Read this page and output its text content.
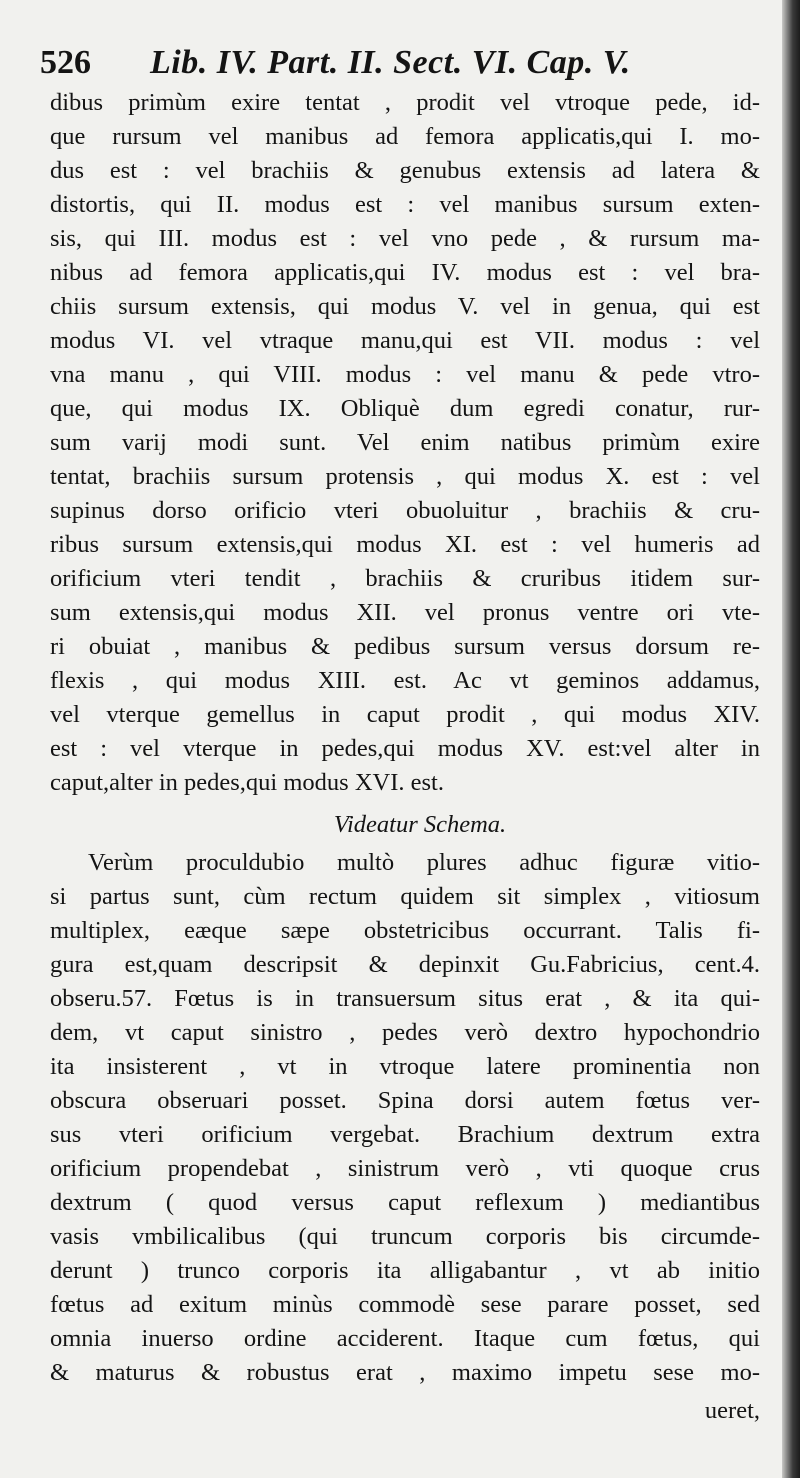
526 Lib. IV. Part. II. Sect. VI. Cap. V.
dibus primùm exire tentat , prodit vel vtroque pede, id-
que rursum vel manibus ad femora applicatis,qui I. mo-
dus est : vel brachiis & genubus extensis ad latera &
distortis, qui II. modus est : vel manibus sursum exten-
sis, qui III. modus est : vel vno pede , & rursum ma-
nibus ad femora applicatis,qui IV. modus est : vel bra-
chiis sursum extensis, qui modus V. vel in genua, qui est
modus VI. vel vtraque manu,qui est VII. modus : vel
vna manu , qui VIII. modus : vel manu & pede vtro-
que, qui modus IX. Obliquè dum egredi conatur, rur-
sum varij modi sunt. Vel enim natibus primùm exire
tentat, brachiis sursum protensis , qui modus X. est : vel
supinus dorso orificio vteri obuoluitur , brachiis & cru-
ribus sursum extensis,qui modus XI. est : vel humeris ad
orificium vteri tendit , brachiis & cruribus itidem sur-
sum extensis,qui modus XII. vel pronus ventre ori vte-
ri obuiat , manibus & pedibus sursum versus dorsum re-
flexis , qui modus XIII. est. Ac vt geminos addamus,
vel vterque gemellus in caput prodit , qui modus XIV.
est : vel vterque in pedes,qui modus XV. est:vel alter in
caput,alter in pedes,qui modus XVI. est.
Videatur Schema.
Verùm proculdubio multò plures adhuc figuræ vitio-
si partus sunt, cùm rectum quidem sit simplex , vitiosum
multiplex, eæque sæpe obstetricibus occurrant. Talis fi-
gura est,quam descripsit & depinxit Gu.Fabricius, cent.4.
obseru.57. Fœtus is in transuersum situs erat , & ita qui-
dem, vt caput sinistro , pedes verò dextro hypochondrio
ita insisterent , vt in vtroque latere prominentia non
obscura obseruari posset. Spina dorsi autem fœtus ver-
sus vteri orificium vergebat. Brachium dextrum extra
orificium propendebat , sinistrum verò , vti quoque crus
dextrum ( quod versus caput reflexum ) mediantibus
vasis vmbilicalibus (qui truncum corporis bis circumde-
derunt ) trunco corporis ita alligabantur , vt ab initio
fœtus ad exitum minùs commodè sese parare posset, sed
omnia inuerso ordine acciderent. Itaque cum fœtus, qui
& maturus & robustus erat , maximo impetu sese mo-
ueret,
